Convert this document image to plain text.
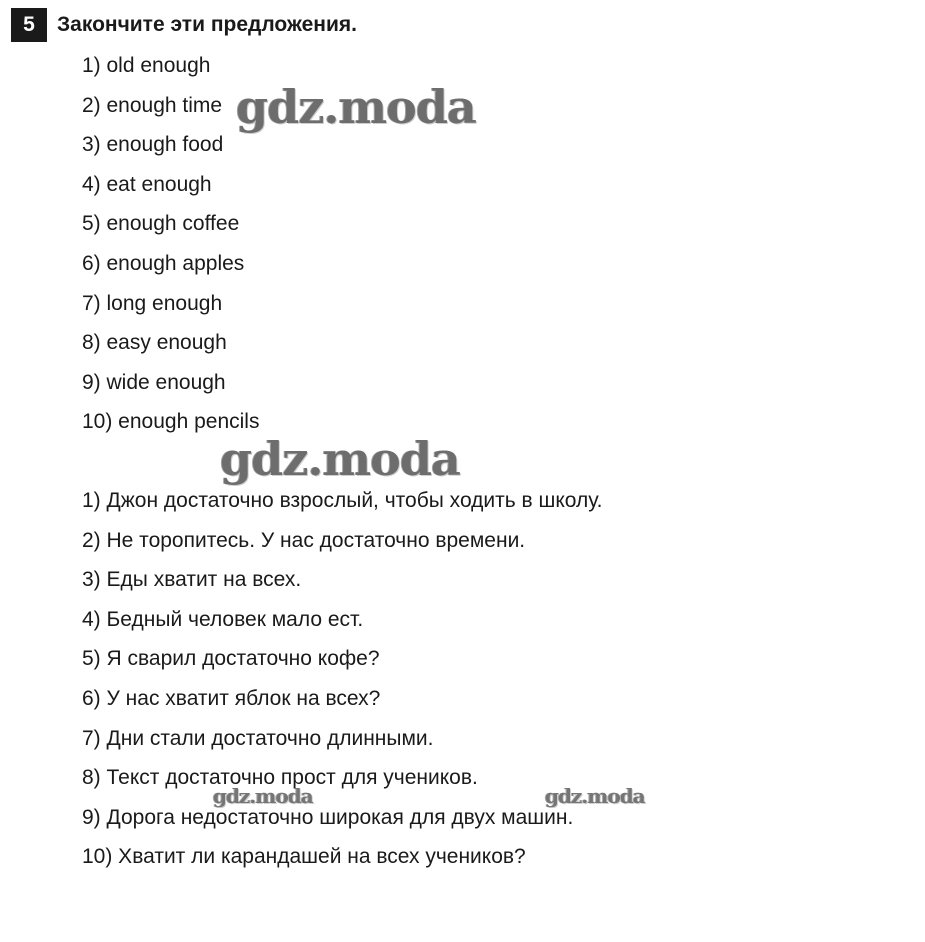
5	Закончите эти предложения.
1) old enough
2) enough time
3) enough food
4) eat enough
5) enough coffee
6) enough apples
7) long enough
8) easy enough
9) wide enough
10) enough pencils
1) Джон достаточно взрослый, чтобы ходить в школу.
2) Не торопитесь. У нас достаточно времени.
3) Еды хватит на всех.
4) Бедный человек мало ест.
5) Я сварил достаточно кофе?
6) У нас хватит яблок на всех?
7) Дни стали достаточно длинными.
8) Текст достаточно прост для учеников.
9) Дорога недостаточно широкая для двух машин.
10) Хватит ли карандашей на всех учеников?
gdz.moda
gdz.moda
gdz.moda	gdz.moda
